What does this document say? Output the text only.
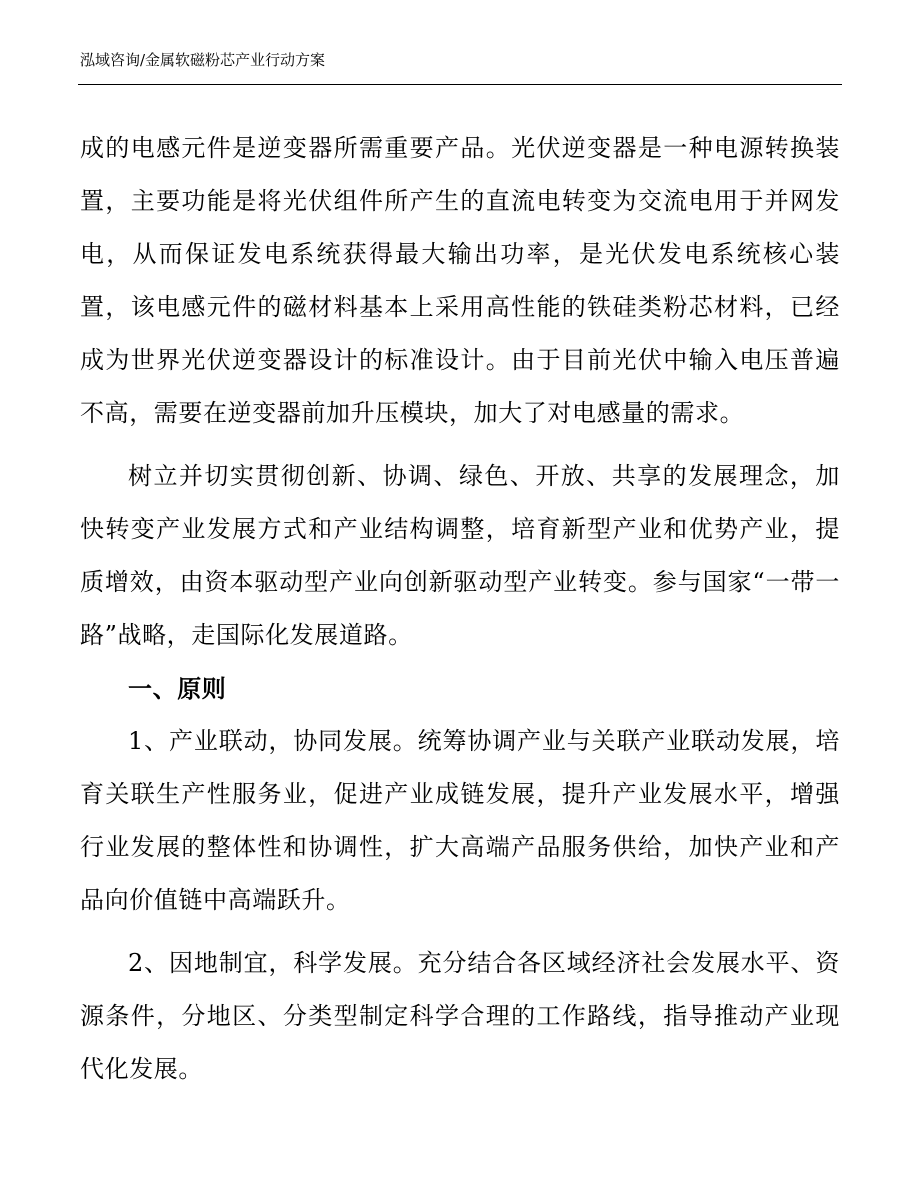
泓域咨询/金属软磁粉芯产业行动方案

成的电感元件是逆变器所需重要产品。光伏逆变器是一种电源转换装置，主要功能是将光伏组件所产生的直流电转变为交流电用于并网发电，从而保证发电系统获得最大输出功率，是光伏发电系统核心装置，该电感元件的磁材料基本上采用高性能的铁硅类粉芯材料，已经成为世界光伏逆变器设计的标准设计。由于目前光伏中输入电压普遍不高，需要在逆变器前加升压模块，加大了对电感量的需求。

树立并切实贯彻创新、协调、绿色、开放、共享的发展理念，加快转变产业发展方式和产业结构调整，培育新型产业和优势产业，提质增效，由资本驱动型产业向创新驱动型产业转变。参与国家“一带一路”战略，走国际化发展道路。

一、原则

1、产业联动，协同发展。统筹协调产业与关联产业联动发展，培育关联生产性服务业，促进产业成链发展，提升产业发展水平，增强行业发展的整体性和协调性，扩大高端产品服务供给，加快产业和产品向价值链中高端跃升。

2、因地制宜，科学发展。充分结合各区域经济社会发展水平、资源条件，分地区、分类型制定科学合理的工作路线，指导推动产业现代化发展。
